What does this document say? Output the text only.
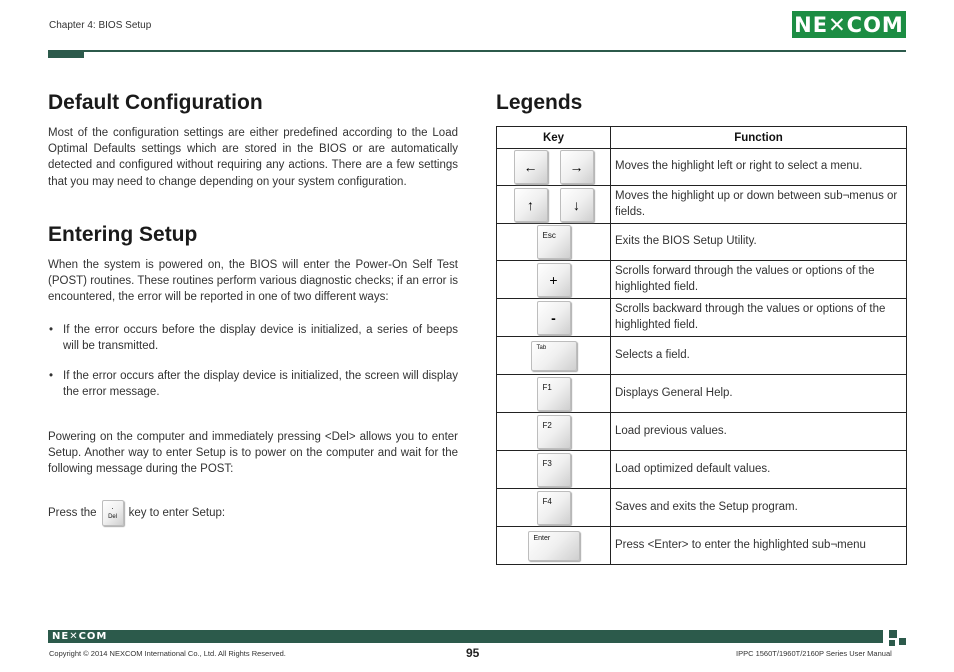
Chapter 4: BIOS Setup	NE✕COM
Default Configuration
Most of the configuration settings are either predefined according to the Load Optimal Defaults settings which are stored in the BIOS or are automatically detected and configured without requiring any actions. There are a few settings that you may need to change depending on your system configuration.
Entering Setup
When the system is powered on, the BIOS will enter the Power-On Self Test (POST) routines. These routines perform various diagnostic checks; if an error is encountered, the error will be reported in one of two different ways:
• If the error occurs before the display device is initialized, a series of beeps will be transmitted.
• If the error occurs after the display device is initialized, the screen will display the error message.
Powering on the computer and immediately pressing <Del> allows you to enter Setup. Another way to enter Setup is to power on the computer and wait for the following message during the POST:
Press the ·
Del key to enter Setup:
Legends
Key	Function

← →	Moves the highlight left or right to select a menu.

↑ ↓	Moves the highlight up or down between sub¬menus or fields.

Esc	Exits the BIOS Setup Utility.

+	Scrolls forward through the values or options of the highlighted field.

-	Scrolls backward through the values or options of the highlighted field.

Tab	Selects a field.

F1	Displays General Help.

F2	Load previous values.

F3	Load optimized default values.

F4	Saves and exits the Setup program.

Enter	Press <Enter> to enter the highlighted sub¬menu
NE✕COM
Copyright © 2014 NEXCOM International Co., Ltd. All Rights Reserved.	95	IPPC 1560T/1960T/2160P Series User Manual
